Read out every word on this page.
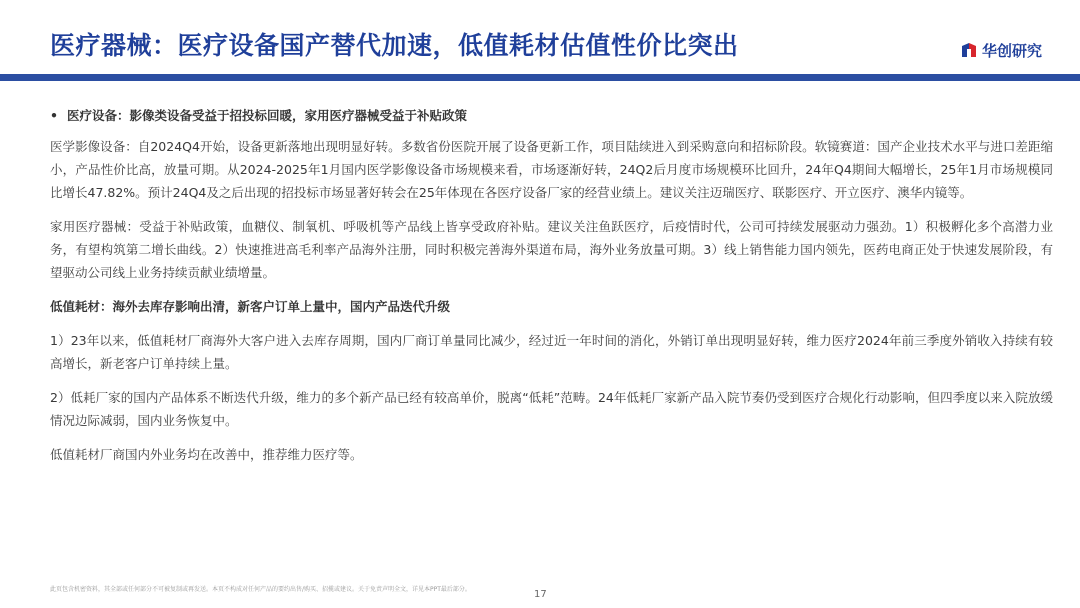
医疗器械：医疗设备国产替代加速，低值耗材估值性价比突出	华创研究
• 医疗设备：影像类设备受益于招投标回暖，家用医疗器械受益于补贴政策

医学影像设备：自2024Q4开始，设备更新落地出现明显好转。多数省份医院开展了设备更新工作，项目陆续进入到采购意向和招标阶段。软镜赛道：国产企业技术水平与进口差距缩小，产品性价比高，放量可期。从2024-2025年1月国内医学影像设备市场规模来看，市场逐渐好转，24Q2后月度市场规模环比回升，24年Q4期间大幅增长，25年1月市场规模同比增长47.82%。预计24Q4及之后出现的招投标市场显著好转会在25年体现在各医疗设备厂家的经营业绩上。建议关注迈瑞医疗、联影医疗、开立医疗、澳华内镜等。

家用医疗器械：受益于补贴政策，血糖仪、制氧机、呼吸机等产品线上皆享受政府补贴。建议关注鱼跃医疗，后疫情时代，公司可持续发展驱动力强劲。1）积极孵化多个高潜力业务，有望构筑第二增长曲线。2）快速推进高毛利率产品海外注册，同时积极完善海外渠道布局，海外业务放量可期。3）线上销售能力国内领先，医药电商正处于快速发展阶段，有望驱动公司线上业务持续贡献业绩增量。

低值耗材：海外去库存影响出清，新客户订单上量中，国内产品迭代升级

1）23年以来，低值耗材厂商海外大客户进入去库存周期，国内厂商订单量同比减少，经过近一年时间的消化，外销订单出现明显好转，维力医疗2024年前三季度外销收入持续有较高增长，新老客户订单持续上量。

2）低耗厂家的国内产品体系不断迭代升级，维力的多个新产品已经有较高单价，脱离“低耗”范畴。24年低耗厂家新产品入院节奏仍受到医疗合规化行动影响，但四季度以来入院放缓情况边际减弱，国内业务恢复中。

低值耗材厂商国内外业务均在改善中，推荐维力医疗等。

此页包含机密资料，其全部或任何部分不可被复制或再发送。本页不构成对任何产品的要约出售/购买、招揽或建议。关于免责声明全文，详见本PPT最后部分。	17
